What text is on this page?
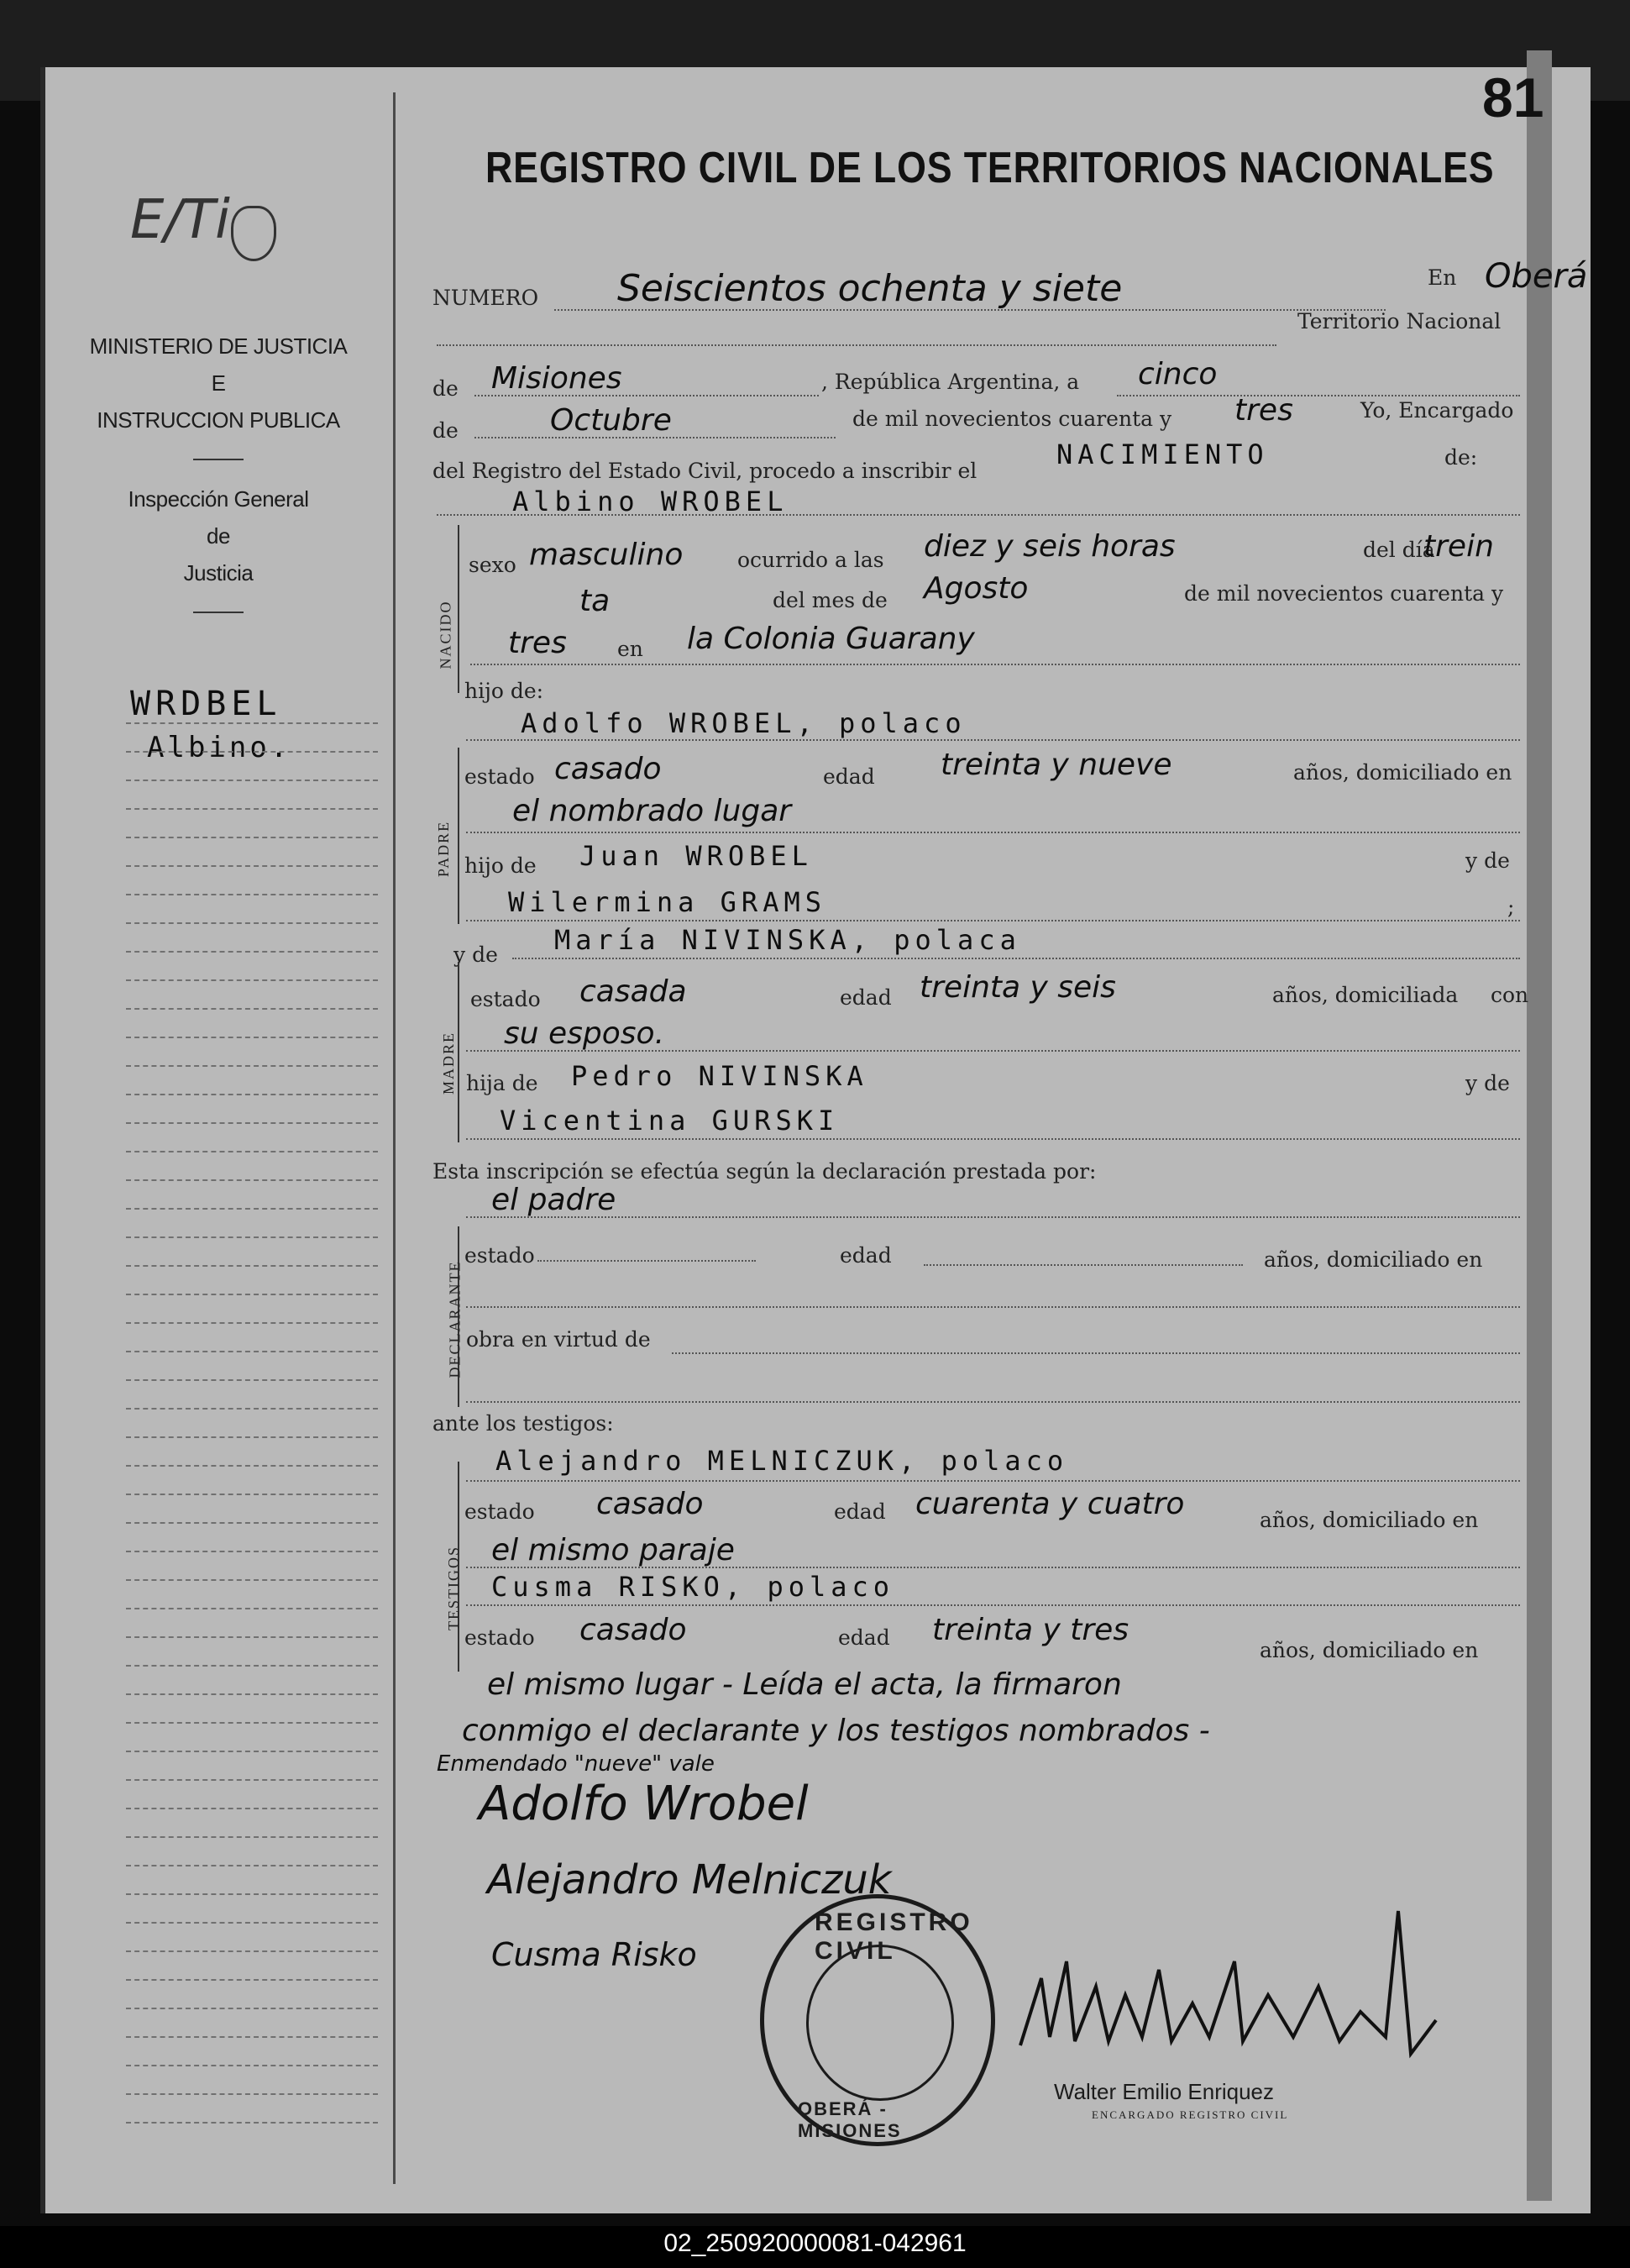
81
E/Ti
MINISTERIO DE JUSTICIA
E
INSTRUCCION PUBLICA
Inspección General
de
Justicia
WRDBEL
Albino.
REGISTRO CIVIL DE LOS TERRITORIOS NACIONALES
NUMERO Seiscientos ochenta y siete	En Oberá
Territorio Nacional
de Misiones	, República Argentina, a cinco
de	Octubre	de mil novecientos cuarenta y tres	Yo, Encargado
del Registro del Estado Civil, procedo a inscribir el
NACIMIENTO	de:
Albino WROBEL
NACIDO
sexo masculino	ocurrido a las diez y seis horas	del día
trein
ta	del mes de Agosto	de mil novecientos cuarenta y
tres en la Colonia Guarany
hijo de:
Adolfo WROBEL, polaco
PADRE
estado casado	edad treinta y nueve	años, domiciliado en
el nombrado lugar
hijo de Juan WROBEL	y de
Wilermina GRAMS	;
y de María NIVINSKA, polaca
MADRE
estado casada	edad treinta y seis	años, domiciliada con
su esposo.
hija de Pedro NIVINSKA	y de
Vicentina GURSKI
Esta inscripción se efectúa según la declaración prestada por:
el padre
DECLARANTE
estado	edad	años, domiciliado en
obra en virtud de
ante los testigos:
Alejandro MELNICZUK, polaco
TESTIGOS
estado casado	edad cuarenta y cuatro	años, domiciliado en
el mismo paraje
Cusma RISKO, polaco
estado casado	edad treinta y tres
años, domiciliado en
el mismo lugar - Leída el acta, la firmaron
conmigo el declarante y los testigos nombrados -
Enmendado "nueve" vale
Adolfo Wrobel
Alejandro Melniczuk
Cusma Risko
REGISTRO CIVIL
OBERÁ - MISIONES
Walter Emilio Enriquez
ENCARGADO REGISTRO CIVIL
02_250920000081-042961
